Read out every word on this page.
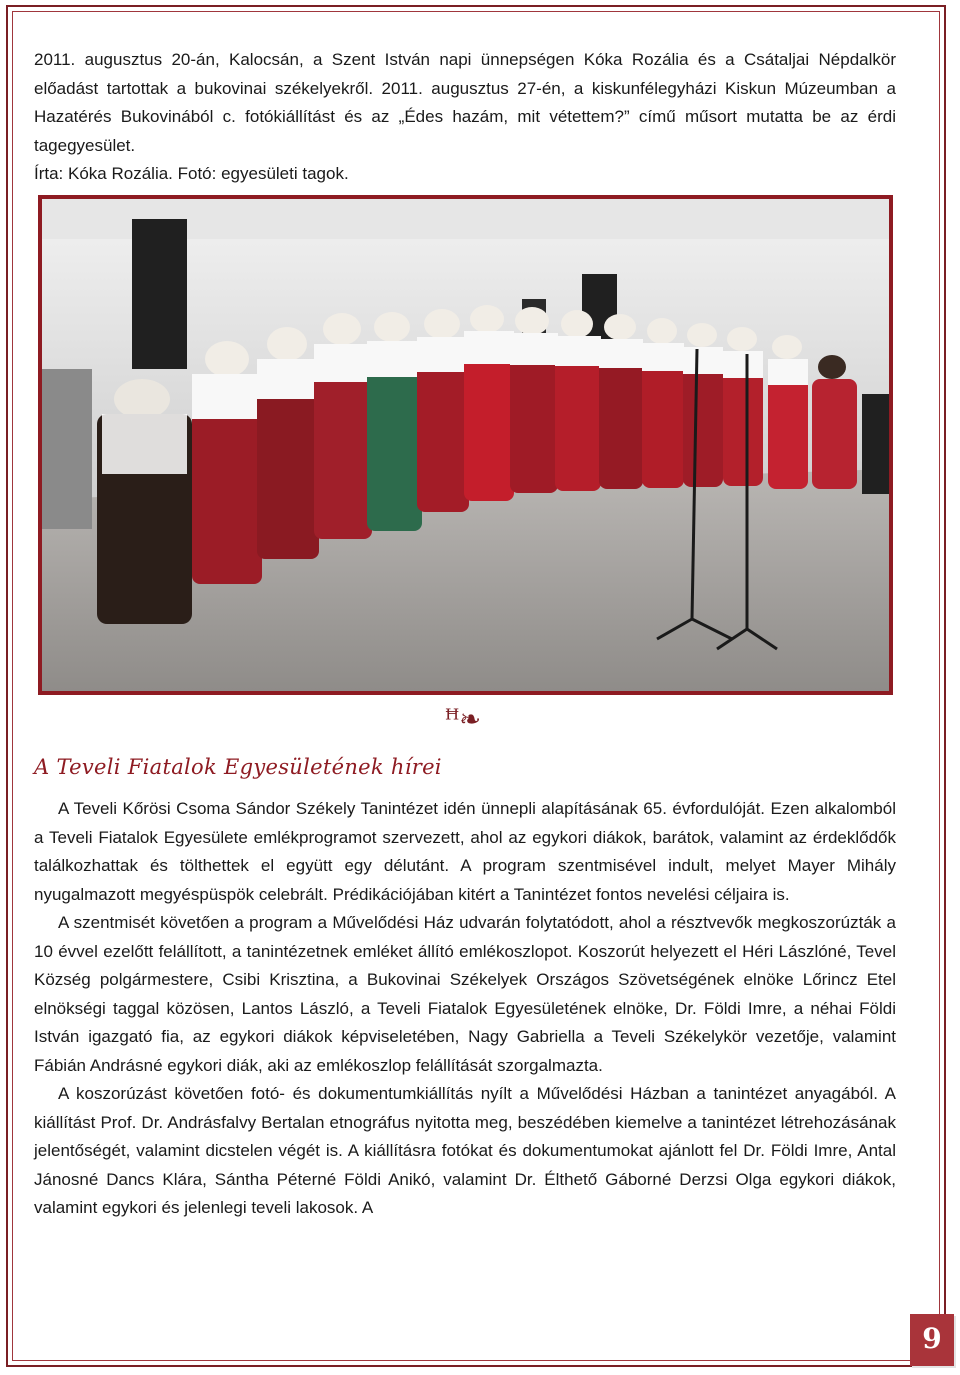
2011. augusztus 20-án, Kalocsán, a Szent István napi ünnepségen Kóka Rozália és a Csátaljai Népdalkör előadást tartottak a bukovinai székelyekről. 2011. augusztus 27-én, a kiskunfélegyházi Kiskun Múzeumban a Hazatérés Bukovinából c. fotókiállítást és az „Édes hazám, mit vétettem?” című műsort mutatta be az érdi tagegyesület.

Írta: Kóka Rozália. Fotó: egyesületi tagok.

ꟸ❧
A Teveli Fiatalok Egyesületének hírei

A Teveli Kőrösi Csoma Sándor Székely Tanintézet idén ünnepli alapításának 65. évfordulóját. Ezen alkalomból a Teveli Fiatalok Egyesülete emlékprogramot szervezett, ahol az egykori diákok, barátok, valamint az érdeklődők találkozhattak és tölthettek el együtt egy délutánt. A program szentmisével indult, melyet Mayer Mihály nyugalmazott megyéspüspök celebrált. Prédikációjában kitért a Tanintézet fontos nevelési céljaira is.

A szentmisét követően a program a Művelődési Ház udvarán folytatódott, ahol a résztvevők megkoszorúzták a 10 évvel ezelőtt felállított, a tanintézetnek emléket állító emlékoszlopot. Koszorút helyezett el Héri Lászlóné, Tevel Község polgármestere, Csibi Krisztina, a Bukovinai Székelyek Országos Szövetségének elnöke Lőrincz Etel elnökségi taggal közösen, Lantos László, a Teveli Fiatalok Egyesületének elnöke, Dr. Földi Imre, a néhai Földi István igazgató fia, az egykori diákok képviseletében, Nagy Gabriella a Teveli Székelykör vezetője, valamint Fábián Andrásné egykori diák, aki az emlékoszlop felállítását szorgalmazta.

A koszorúzást követően fotó- és dokumentumkiállítás nyílt a Művelődési Házban a tanintézet anyagából. A kiállítást Prof. Dr. Andrásfalvy Bertalan etnográfus nyitotta meg, beszédében kiemelve a tanintézet létrehozásának jelentőségét, valamint dicstelen végét is. A kiállításra fotókat és dokumentumokat ajánlott fel Dr. Földi Imre, Antal Jánosné Dancs Klára, Sántha Péterné Földi Anikó, valamint Dr. Élthető Gáborné Derzsi Olga egykori diákok, valamint egykori és jelenlegi teveli lakosok. A

9
